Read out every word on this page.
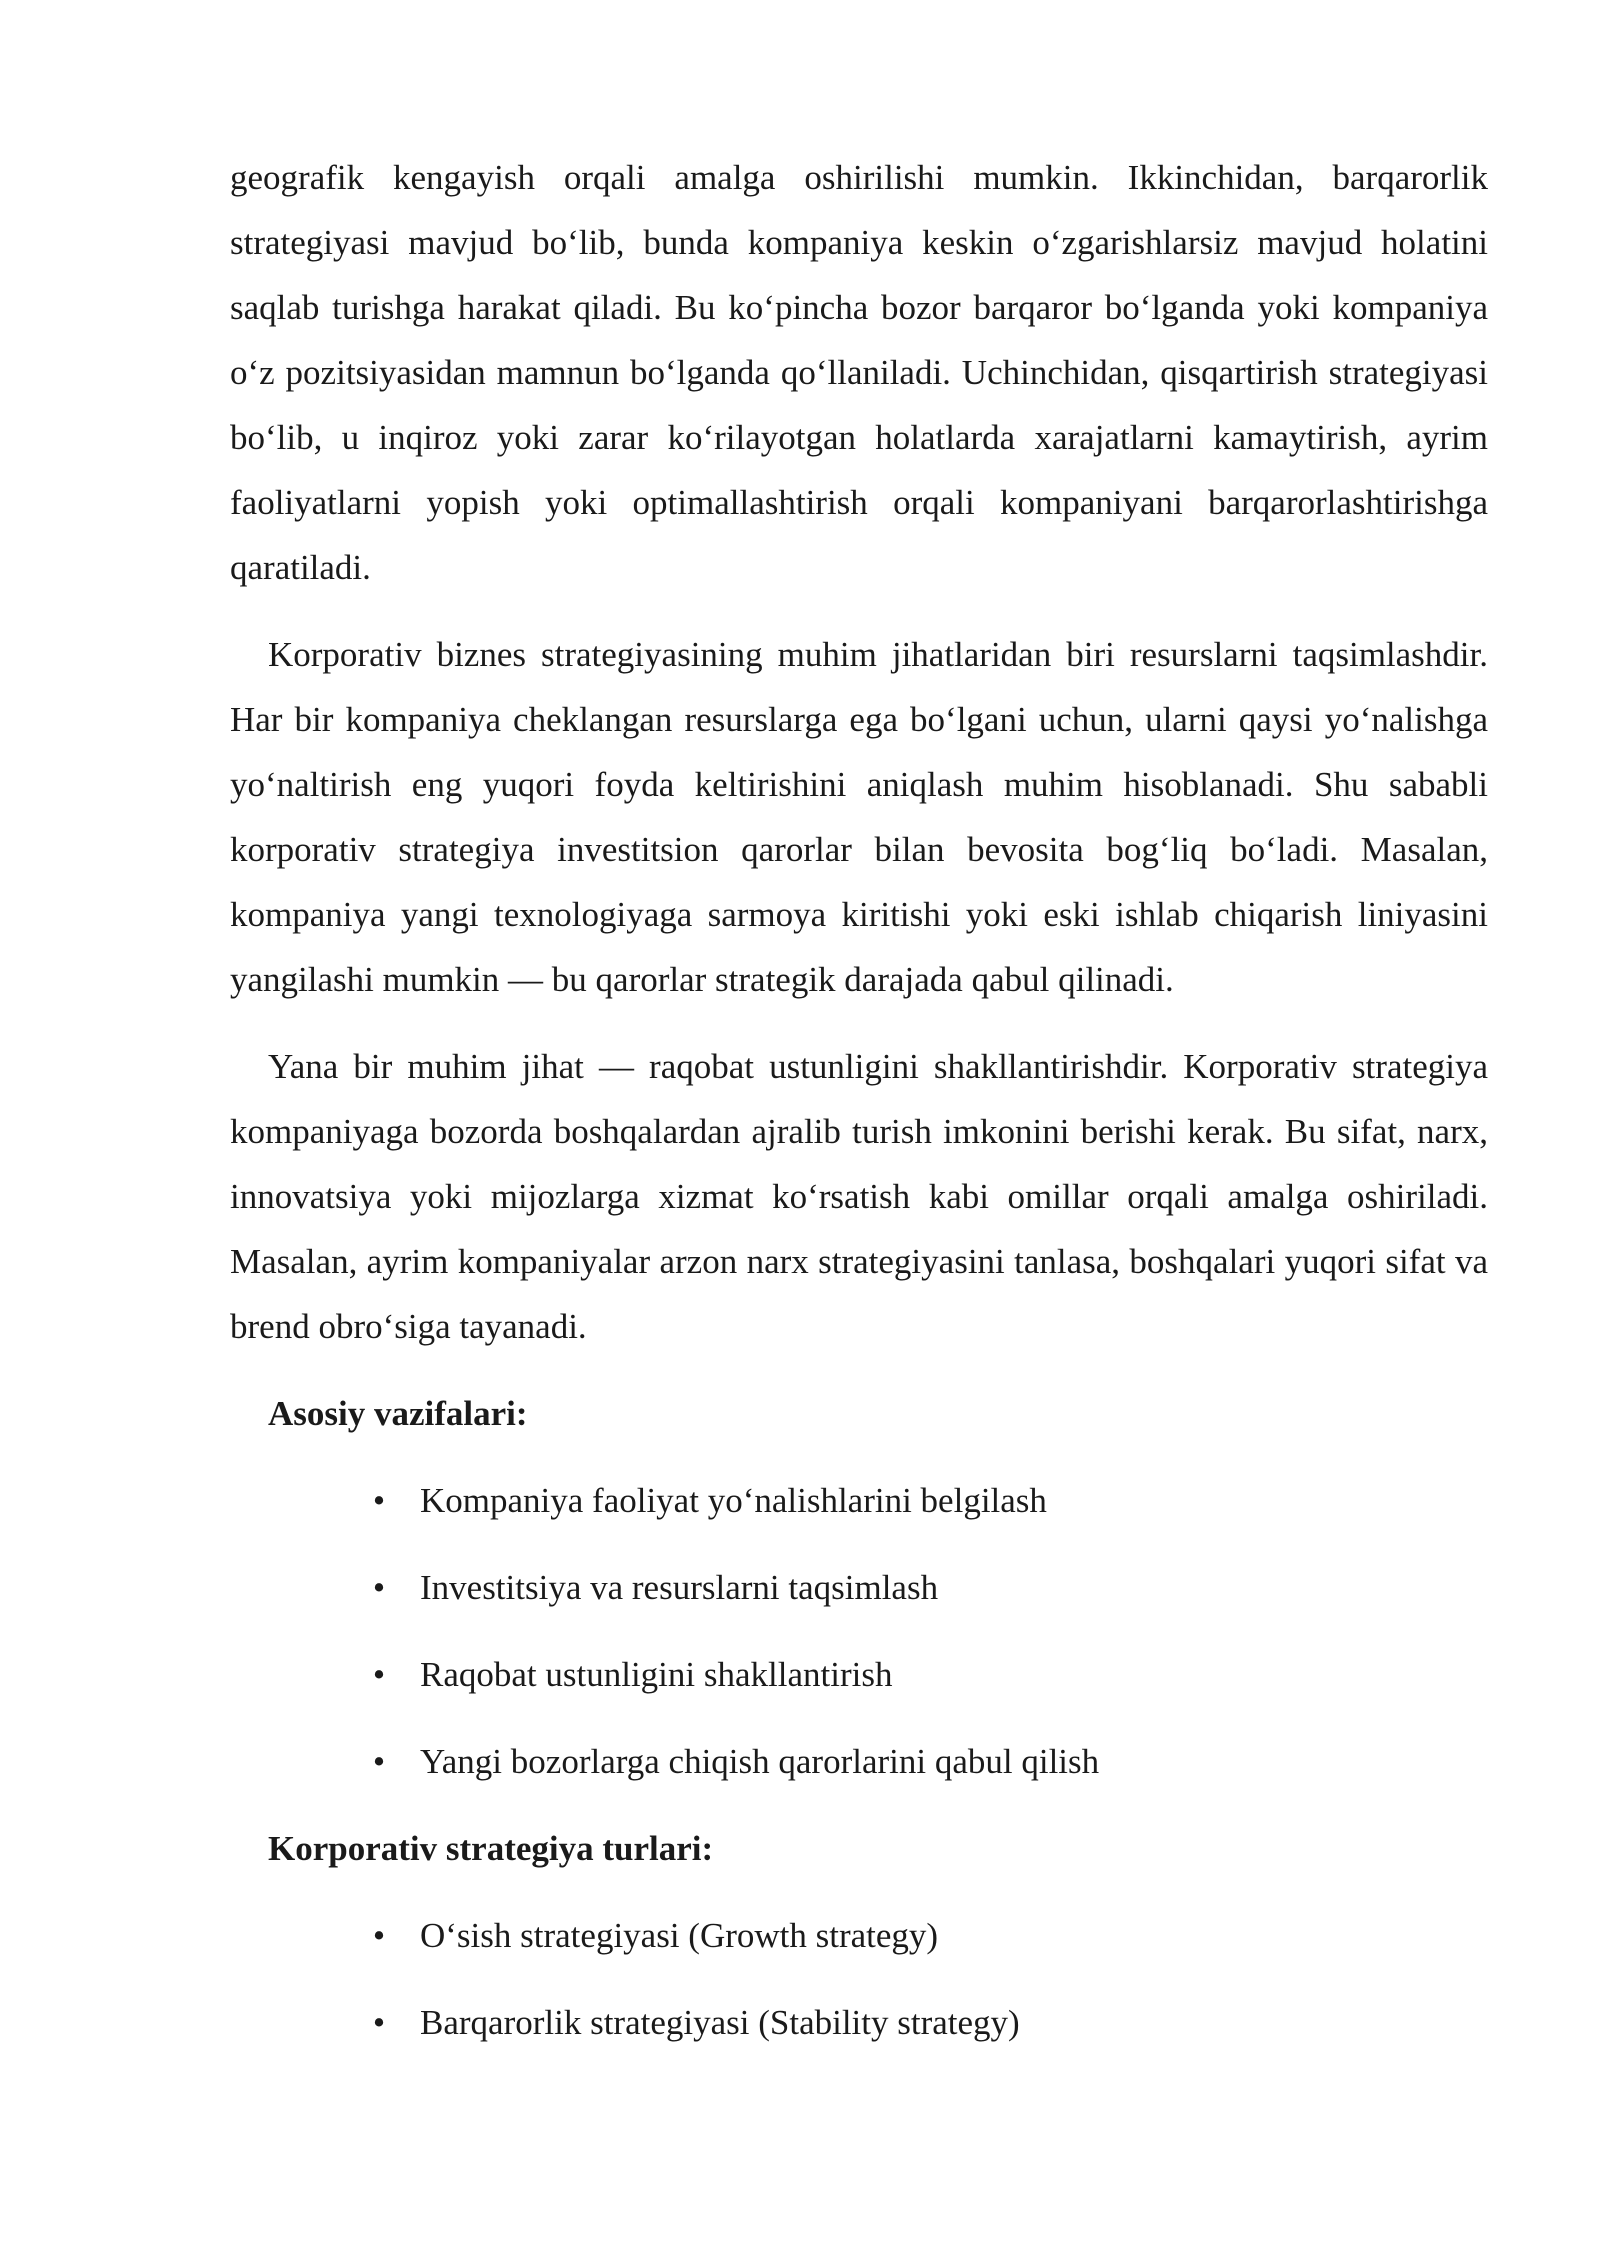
geografik kengayish orqali amalga oshirilishi mumkin. Ikkinchidan, barqarorlik strategiyasi mavjud bo‘lib, bunda kompaniya keskin o‘zgarishlarsiz mavjud holatini saqlab turishga harakat qiladi. Bu ko‘pincha bozor barqaror bo‘lganda yoki kompaniya o‘z pozitsiyasidan mamnun bo‘lganda qo‘llaniladi. Uchinchidan, qisqartirish strategiyasi bo‘lib, u inqiroz yoki zarar ko‘rilayotgan holatlarda xarajatlarni kamaytirish, ayrim faoliyatlarni yopish yoki optimallashtirish orqali kompaniyani barqarorlashtirishga qaratiladi.

Korporativ biznes strategiyasining muhim jihatlaridan biri resurslarni taqsimlashdir. Har bir kompaniya cheklangan resurslarga ega bo‘lgani uchun, ularni qaysi yo‘nalishga yo‘naltirish eng yuqori foyda keltirishini aniqlash muhim hisoblanadi. Shu sababli korporativ strategiya investitsion qarorlar bilan bevosita bog‘liq bo‘ladi. Masalan, kompaniya yangi texnologiyaga sarmoya kiritishi yoki eski ishlab chiqarish liniyasini yangilashi mumkin — bu qarorlar strategik darajada qabul qilinadi.

Yana bir muhim jihat — raqobat ustunligini shakllantirishdir. Korporativ strategiya kompaniyaga bozorda boshqalardan ajralib turish imkonini berishi kerak. Bu sifat, narx, innovatsiya yoki mijozlarga xizmat ko‘rsatish kabi omillar orqali amalga oshiriladi. Masalan, ayrim kompaniyalar arzon narx strategiyasini tanlasa, boshqalari yuqori sifat va brend obro‘siga tayanadi.

Asosiy vazifalari:
• Kompaniya faoliyat yo‘nalishlarini belgilash
• Investitsiya va resurslarni taqsimlash
• Raqobat ustunligini shakllantirish
• Yangi bozorlarga chiqish qarorlarini qabul qilish
Korporativ strategiya turlari:
• O‘sish strategiyasi (Growth strategy)
• Barqarorlik strategiyasi (Stability strategy)
